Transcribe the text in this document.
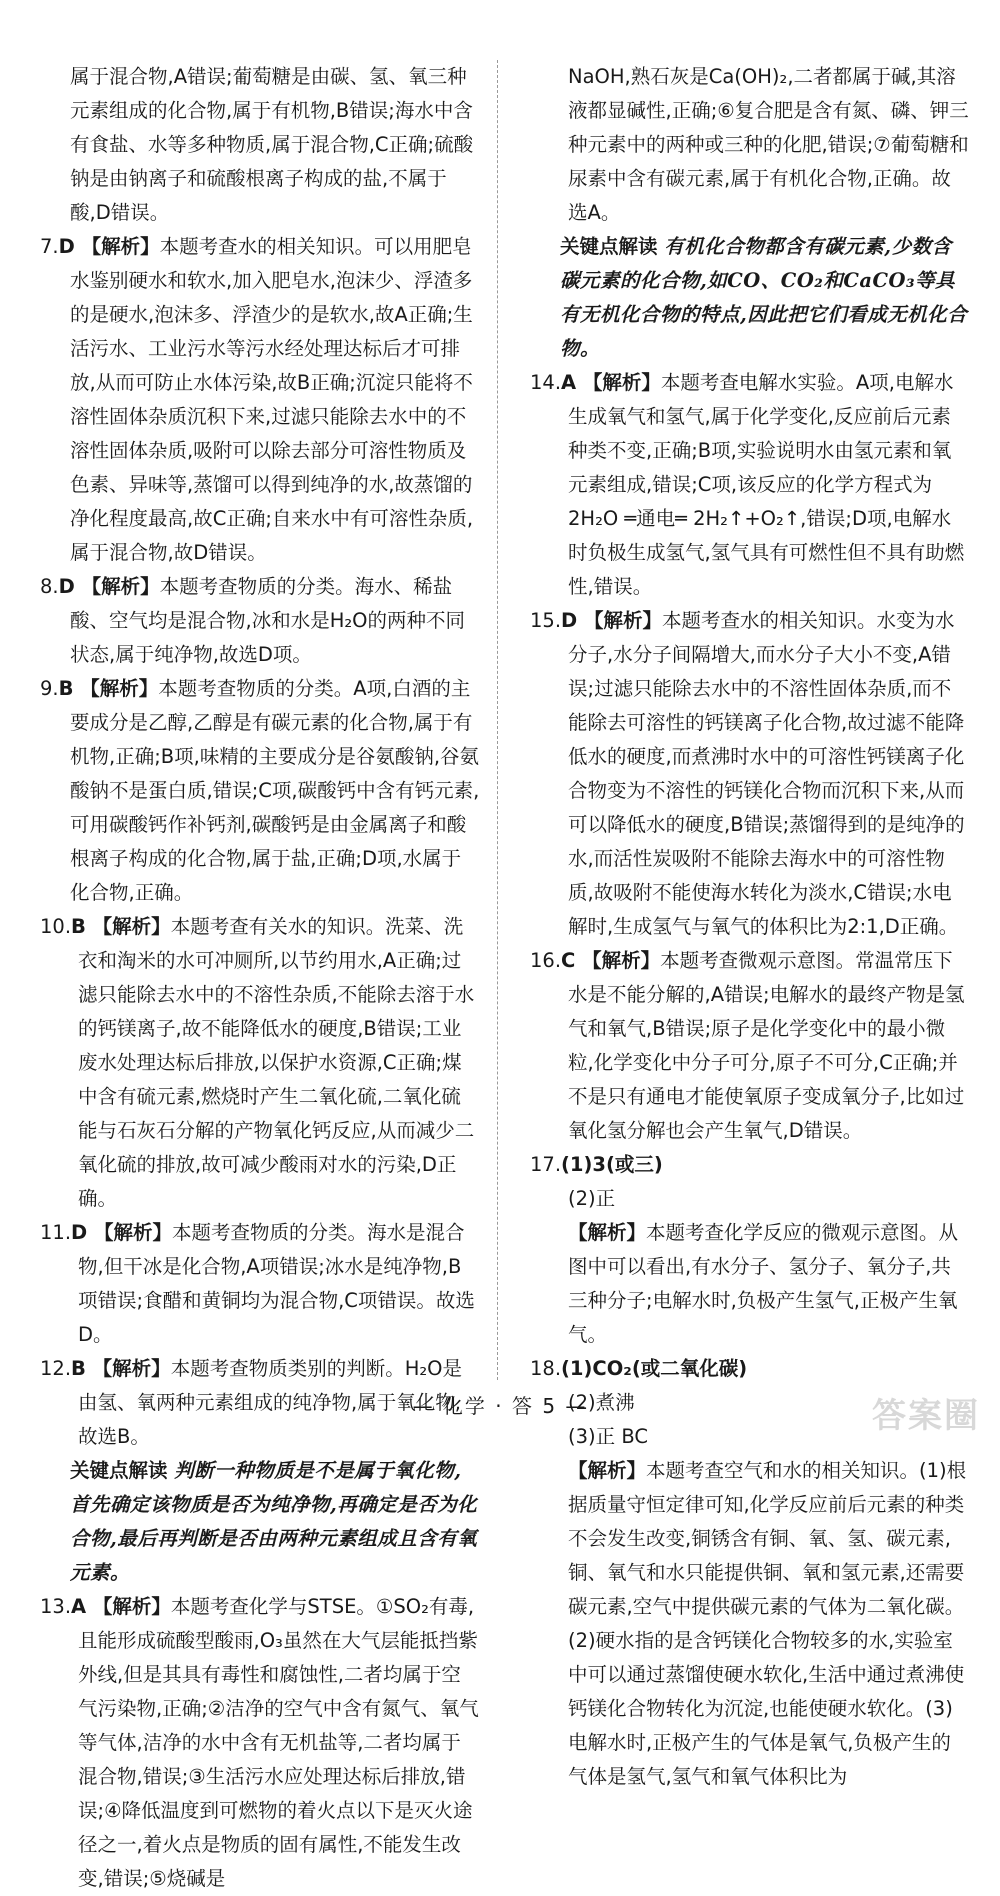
属于混合物,A错误;葡萄糖是由碳、氢、氧三种元素组成的化合物,属于有机物,B错误;海水中含有食盐、水等多种物质,属于混合物,C正确;硫酸钠是由钠离子和硫酸根离子构成的盐,不属于酸,D错误。

7.D 【解析】本题考查水的相关知识。可以用肥皂水鉴别硬水和软水,加入肥皂水,泡沫少、浮渣多的是硬水,泡沫多、浮渣少的是软水,故A正确;生活污水、工业污水等污水经处理达标后才可排放,从而可防止水体污染,故B正确;沉淀只能将不溶性固体杂质沉积下来,过滤只能除去水中的不溶性固体杂质,吸附可以除去部分可溶性物质及色素、异味等,蒸馏可以得到纯净的水,故蒸馏的净化程度最高,故C正确;自来水中有可溶性杂质,属于混合物,故D错误。

8.D 【解析】本题考查物质的分类。海水、稀盐酸、空气均是混合物,冰和水是H₂O的两种不同状态,属于纯净物,故选D项。

9.B 【解析】本题考查物质的分类。A项,白酒的主要成分是乙醇,乙醇是有碳元素的化合物,属于有机物,正确;B项,味精的主要成分是谷氨酸钠,谷氨酸钠不是蛋白质,错误;C项,碳酸钙中含有钙元素,可用碳酸钙作补钙剂,碳酸钙是由金属离子和酸根离子构成的化合物,属于盐,正确;D项,水属于化合物,正确。

10.B 【解析】本题考查有关水的知识。洗菜、洗衣和淘米的水可冲厕所,以节约用水,A正确;过滤只能除去水中的不溶性杂质,不能除去溶于水的钙镁离子,故不能降低水的硬度,B错误;工业废水处理达标后排放,以保护水资源,C正确;煤中含有硫元素,燃烧时产生二氧化硫,二氧化硫能与石灰石分解的产物氧化钙反应,从而减少二氧化硫的排放,故可减少酸雨对水的污染,D正确。

11.D 【解析】本题考查物质的分类。海水是混合物,但干冰是化合物,A项错误;冰水是纯净物,B项错误;食醋和黄铜均为混合物,C项错误。故选D。

12.B 【解析】本题考查物质类别的判断。H₂O是由氢、氧两种元素组成的纯净物,属于氧化物,故选B。

关键点解读 判断一种物质是不是属于氧化物,首先确定该物质是否为纯净物,再确定是否为化合物,最后再判断是否由两种元素组成且含有氧元素。

13.A 【解析】本题考查化学与STSE。①SO₂有毒,且能形成硫酸型酸雨,O₃虽然在大气层能抵挡紫外线,但是其具有毒性和腐蚀性,二者均属于空气污染物,正确;②洁净的空气中含有氮气、氧气等气体,洁净的水中含有无机盐等,二者均属于混合物,错误;③生活污水应处理达标后排放,错误;④降低温度到可燃物的着火点以下是灭火途径之一,着火点是物质的固有属性,不能发生改变,错误;⑤烧碱是

NaOH,熟石灰是Ca(OH)₂,二者都属于碱,其溶液都显碱性,正确;⑥复合肥是含有氮、磷、钾三种元素中的两种或三种的化肥,错误;⑦葡萄糖和尿素中含有碳元素,属于有机化合物,正确。故选A。

关键点解读 有机化合物都含有碳元素,少数含碳元素的化合物,如CO、CO₂和CaCO₃等具有无机化合物的特点,因此把它们看成无机化合物。

14.A 【解析】本题考查电解水实验。A项,电解水生成氧气和氢气,属于化学变化,反应前后元素种类不变,正确;B项,实验说明水由氢元素和氧元素组成,错误;C项,该反应的化学方程式为2H₂O ═通电═ 2H₂↑+O₂↑,错误;D项,电解水时负极生成氢气,氢气具有可燃性但不具有助燃性,错误。

15.D 【解析】本题考查水的相关知识。水变为水分子,水分子间隔增大,而水分子大小不变,A错误;过滤只能除去水中的不溶性固体杂质,而不能除去可溶性的钙镁离子化合物,故过滤不能降低水的硬度,而煮沸时水中的可溶性钙镁离子化合物变为不溶性的钙镁化合物而沉积下来,从而可以降低水的硬度,B错误;蒸馏得到的是纯净的水,而活性炭吸附不能除去海水中的可溶性物质,故吸附不能使海水转化为淡水,C错误;水电解时,生成氢气与氧气的体积比为2:1,D正确。

16.C 【解析】本题考查微观示意图。常温常压下水是不能分解的,A错误;电解水的最终产物是氢气和氧气,B错误;原子是化学变化中的最小微粒,化学变化中分子可分,原子不可分,C正确;并不是只有通电才能使氧原子变成氧分子,比如过氧化氢分解也会产生氧气,D错误。

17.(1)3(或三)

(2)正

【解析】本题考查化学反应的微观示意图。从图中可以看出,有水分子、氢分子、氧分子,共三种分子;电解水时,负极产生氢气,正极产生氧气。

18.(1)CO₂(或二氧化碳)

(2)煮沸

(3)正 BC

【解析】本题考查空气和水的相关知识。(1)根据质量守恒定律可知,化学反应前后元素的种类不会发生改变,铜锈含有铜、氧、氢、碳元素,铜、氧气和水只能提供铜、氧和氢元素,还需要碳元素,空气中提供碳元素的气体为二氧化碳。(2)硬水指的是含钙镁化合物较多的水,实验室中可以通过蒸馏使硬水软化,生活中通过煮沸使钙镁化合物转化为沉淀,也能使硬水软化。(3)电解水时,正极产生的气体是氧气,负极产生的气体是氢气,氢气和氧气体积比为

— 化学 · 答 5 —	答案圈
